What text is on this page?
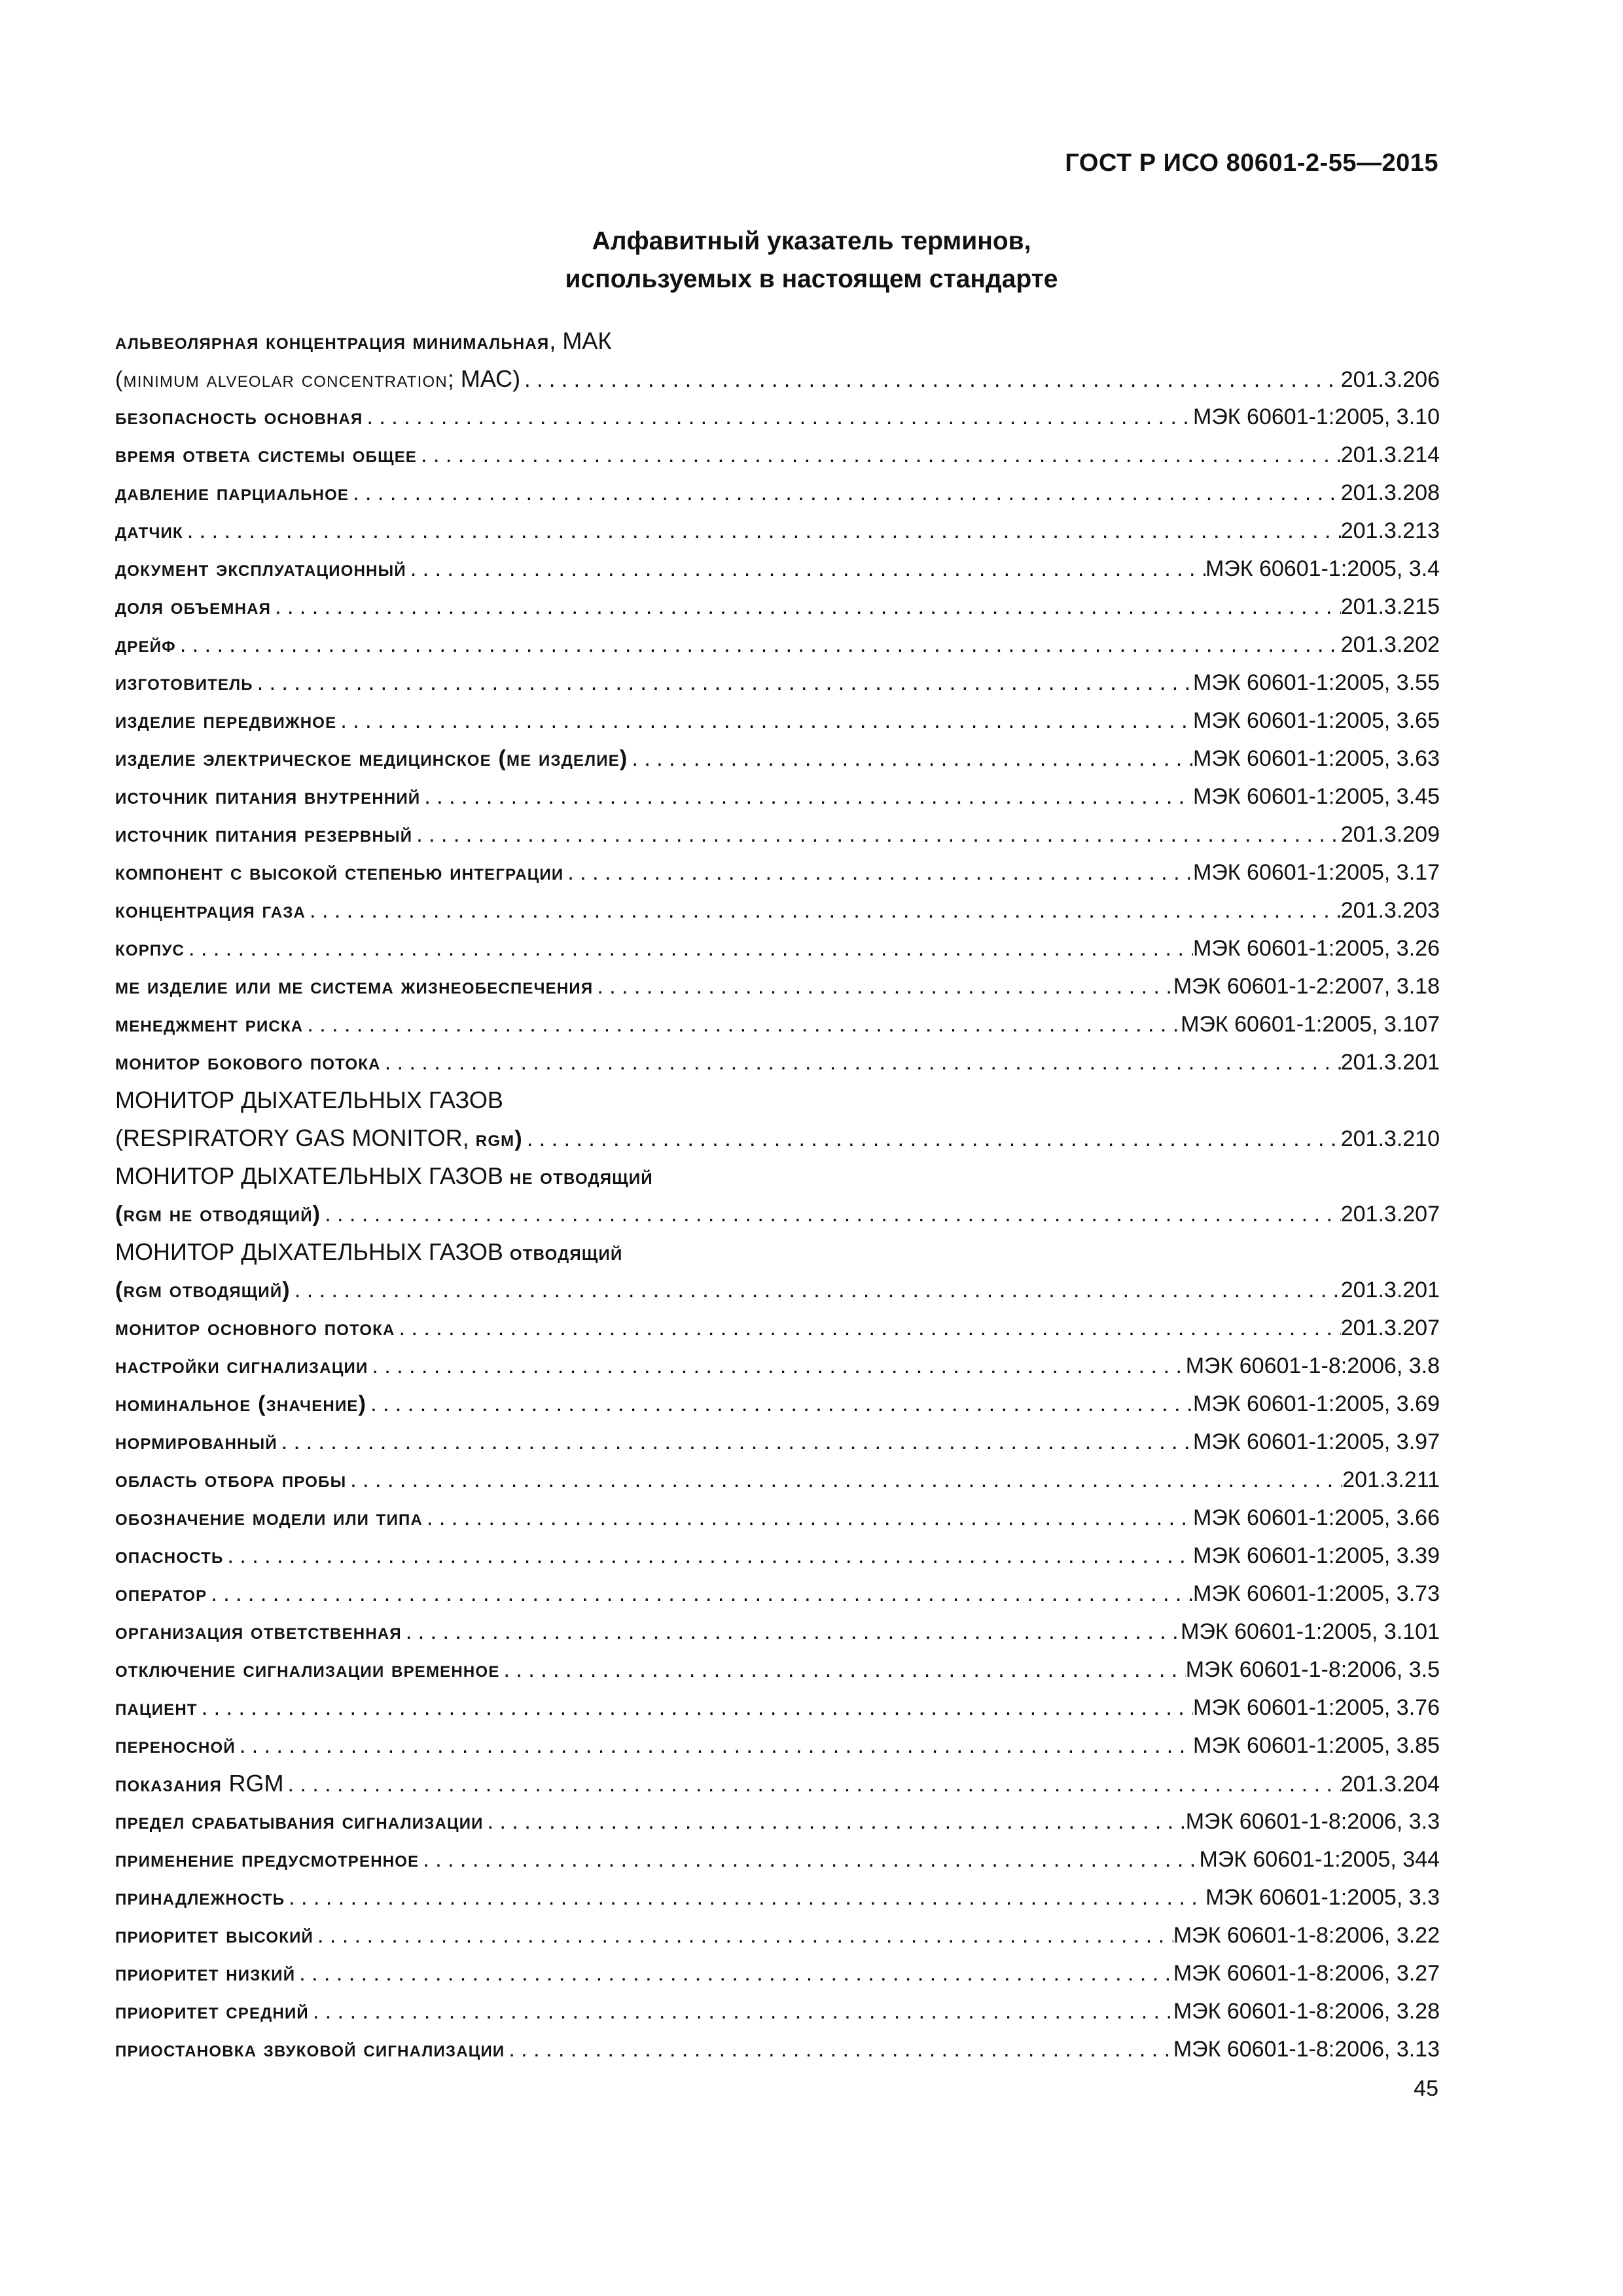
ГОСТ Р ИСО 80601-2-55—2015
Алфавитный указатель терминов,
используемых в настоящем стандарте
альвеолярная концентрация минимальная, МАК
(minimum alveolar concentration; МАС) . . .	201.3.206
безопасность основная . . .	МЭК 60601-1:2005, 3.10
время ответа системы общее . . .	201.3.214
давление парциальное . . .	201.3.208
датчик . . .	201.3.213
документ эксплуатационный . . .	МЭК 60601-1:2005, 3.4
доля объемная . . .	201.3.215
дрейф . . .	201.3.202
изготовитель . . .	МЭК 60601-1:2005, 3.55
изделие передвижное . . .	МЭК 60601-1:2005, 3.65
изделие электрическое медицинское (ме изделие) . . .	МЭК 60601-1:2005, 3.63
источник питания внутренний . . .	МЭК 60601-1:2005, 3.45
источник питания резервный . . .	201.3.209
компонент с высокой степенью интеграции . . .	МЭК 60601-1:2005, 3.17
концентрация газа . . .	201.3.203
корпус . . .	МЭК 60601-1:2005, 3.26
ме изделие или ме система жизнеобеспечения . . .	МЭК 60601-1-2:2007, 3.18
менеджмент риска . . .	МЭК 60601-1:2005, 3.107
монитор бокового потока . . .	201.3.201
МОНИТОР ДЫХАТЕЛЬНЫХ ГАЗОВ
(RESPIRATORY GAS MONITOR, rgm) . . .	201.3.210
МОНИТОР ДЫХАТЕЛЬНЫХ ГАЗОВ не отводящий
(rgm не отводящий) . . .	201.3.207
МОНИТОР ДЫХАТЕЛЬНЫХ ГАЗОВ отводящий
(rgm отводящий) . . .	201.3.201
монитор основного потока . . .	201.3.207
настройки сигнализации . . .	МЭК 60601-1-8:2006, 3.8
номинальное (значение) . . .	МЭК 60601-1:2005, 3.69
нормированный . . .	МЭК 60601-1:2005, 3.97
область отбора пробы . . .	201.3.211
обозначение модели или типа . . .	МЭК 60601-1:2005, 3.66
опасность . . .	МЭК 60601-1:2005, 3.39
оператор . . .	МЭК 60601-1:2005, 3.73
организация ответственная . . .	МЭК 60601-1:2005, 3.101
отключение сигнализации временное . . .	МЭК 60601-1-8:2006, 3.5
пациент . . .	МЭК 60601-1:2005, 3.76
переносной . . .	МЭК 60601-1:2005, 3.85
показания RGM . . .	201.3.204
предел срабатывания сигнализации . . .	МЭК 60601-1-8:2006, 3.3
применение предусмотренное . . .	МЭК 60601-1:2005, 344
принадлежность . . .	МЭК 60601-1:2005, 3.3
приоритет высокий . . .	МЭК 60601-1-8:2006, 3.22
приоритет низкий . . .	МЭК 60601-1-8:2006, 3.27
приоритет средний . . .	МЭК 60601-1-8:2006, 3.28
приостановка звуковой сигнализации . . .	МЭК 60601-1-8:2006, 3.13
45
